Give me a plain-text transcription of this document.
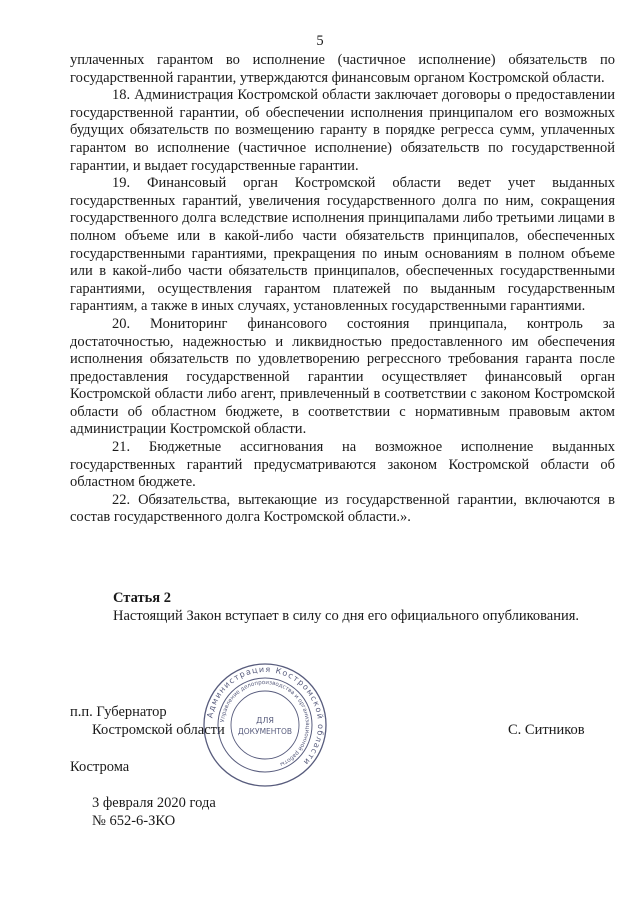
5

уплаченных гарантом во исполнение (частичное исполнение) обязательств по государственной гарантии, утверждаются финансовым органом Костромской области.

18. Администрация Костромской области заключает договоры о предоставлении государственной гарантии, об обеспечении исполнения принципалом его возможных будущих обязательств по возмещению гаранту в порядке регресса сумм, уплаченных гарантом во исполнение (частичное исполнение) обязательств по государственной гарантии, и выдает государственные гарантии.

19. Финансовый орган Костромской области ведет учет выданных государственных гарантий, увеличения государственного долга по ним, сокращения государственного долга вследствие исполнения принципалами либо третьими лицами в полном объеме или в какой-либо части обязательств принципалов, обеспеченных государственными гарантиями, прекращения по иным основаниям в полном объеме или в какой-либо части обязательств принципалов, обеспеченных государственными гарантиями, осуществления гарантом платежей по выданным государственным гарантиям, а также в иных случаях, установленных государственными гарантиями.

20. Мониторинг финансового состояния принципала, контроль за достаточностью, надежностью и ликвидностью предоставленного им обеспечения исполнения обязательств по удовлетворению регрессного требования гаранта после предоставления государственной гарантии осуществляет финансовый орган Костромской области либо агент, привлеченный в соответствии с законом Костромской области об областном бюджете, в соответствии с нормативным правовым актом администрации Костромской области.

21. Бюджетные ассигнования на возможное исполнение выданных государственных гарантий предусматриваются законом Костромской области об областном бюджете.

22. Обязательства, вытекающие из государственной гарантии, включаются в состав государственного долга Костромской области.».

Статья 2
Настоящий Закон вступает в силу со дня его официального опубликования.
п.п. Губернатор
Костромской области	С. Ситников
Кострома
3 февраля 2020 года
№ 652-6-ЗКО
Администрация Костромской области
Управление делопроизводства и организационной работы
ДЛЯ
ДОКУМЕНТОВ
